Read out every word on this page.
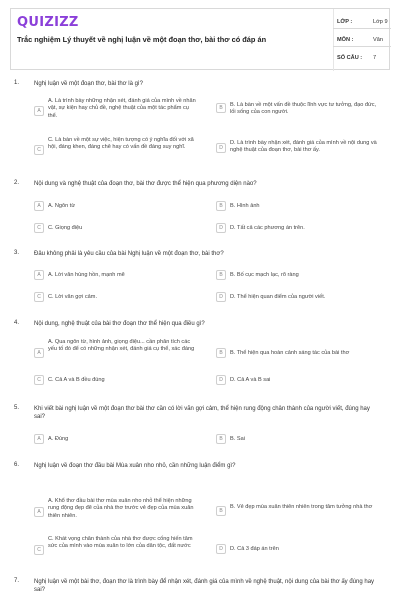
QUIZIZZ
Trắc nghiệm Lý thuyết về nghị luận về một đoạn thơ, bài thơ có đáp án
LỚP :	Lớp 9
MÔN :	Văn
SỐ CÂU : 7
1. Nghị luận về một đoạn thơ, bài thơ là gì?
A
A. Là trình bày những nhận xét, đánh giá của mình về nhân vật, sự kiện hay chủ đề, nghệ thuật của một tác phẩm cụ thể.
B	B. Là bàn về một vấn đề thuộc lĩnh vực tư tưởng, đạo đức, lối sống của con người.
C
C. Là bàn về một sự việc, hiện tượng có ý nghĩa đối với xã hội, đáng khen, đáng chê hay có vấn đề đáng suy nghĩ.	D
D. Là trình bày nhận xét, đánh giá của mình về nội dung và nghệ thuật của đoạn thơ, bài thơ ấy.
2. Nội dung và nghệ thuật của đoạn thơ, bài thơ được thể hiện qua phương diện nào?
A	A. Ngôn từ	B	B. Hình ảnh
C	C. Giọng điệu	D	D. Tất cả các phương án trên.
3. Đâu không phải là yêu cầu của bài Nghị luận về một đoạn thơ, bài thơ?
A	A. Lời văn hùng hồn, mạnh mẽ	B	B. Bố cục mạch lạc, rõ ràng
C	C. Lời văn gợi cảm.	D	D. Thể hiện quan điểm của người viết.
4. Nội dung, nghệ thuật của bài thơ đoạn thơ thể hiện qua điều gì?
A
A. Qua ngôn từ, hình ảnh, giọng điệu... cần phân tích các yếu tố đó để có những nhận xét, đánh giá cụ thể, xác đáng
B	B. Thể hiện qua hoàn cảnh sáng tác của bài thơ
C	C. Cả A và B đều đúng	D	D. Cả A và B sai
5. Khi viết bài nghị luận về một đoạn thơ bài thơ cần có lời văn gợi cảm, thể hiện rung động chân thành của người viết, đúng hay sai?
A	A. Đúng	B	B. Sai
6. Nghị luận về đoạn thơ đầu bài Mùa xuân nho nhỏ, cần những luận điểm gì?
A
A. Khổ thơ đầu bài thơ mùa xuân nho nhỏ thể hiện những rung động đẹp đẽ của nhà thơ trước vẻ đẹp của mùa xuân thiên nhiên.
B
B. Vẻ đẹp mùa xuân thiên nhiên trong tâm tưởng nhà thơ
C
C. Khát vọng chân thành của nhà thơ được cống hiến tâm sức của mình vào mùa xuân to lớn của dân tộc, đất nước	D	D. Cả 3 đáp án trên
7. Nghị luận về một bài thơ, đoạn thơ là trình bày để nhận xét, đánh giá của mình về nghệ thuật, nội dung của bài thơ ấy đúng hay sai?
